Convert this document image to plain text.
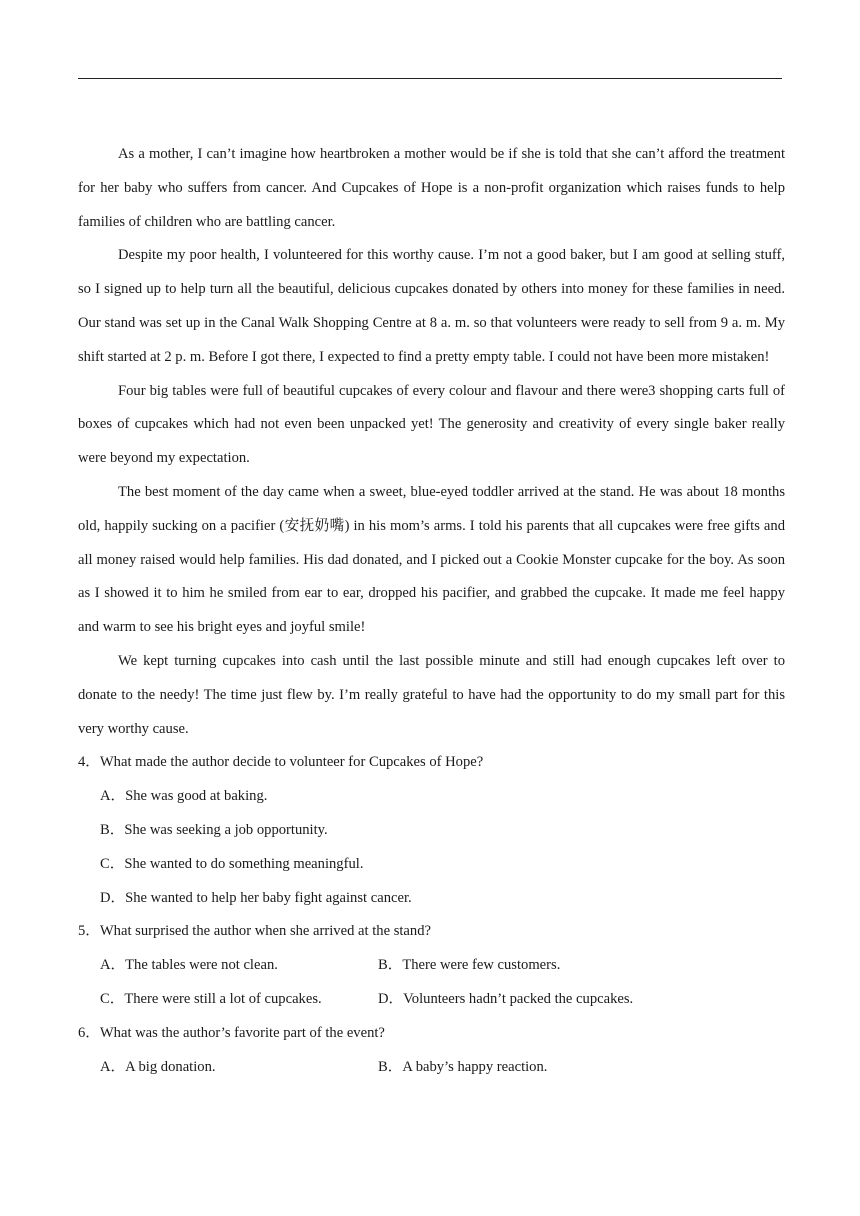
As a mother, I can’t imagine how heartbroken a mother would be if she is told that she can’t afford the treatment for her baby who suffers from cancer. And Cupcakes of Hope is a non-profit organization which raises funds to help families of children who are battling cancer.

Despite my poor health, I volunteered for this worthy cause. I’m not a good baker, but I am good at selling stuff, so I signed up to help turn all the beautiful, delicious cupcakes donated by others into money for these families in need. Our stand was set up in the Canal Walk Shopping Centre at 8 a. m. so that volunteers were ready to sell from 9 a. m. My shift started at 2 p. m. Before I got there, I expected to find a pretty empty table. I could not have been more mistaken!

Four big tables were full of beautiful cupcakes of every colour and flavour and there were3 shopping carts full of boxes of cupcakes which had not even been unpacked yet! The generosity and creativity of every single baker really were beyond my expectation.

The best moment of the day came when a sweet, blue-eyed toddler arrived at the stand. He was about 18 months old, happily sucking on a pacifier (安抚奶嘴) in his mom’s arms. I told his parents that all cupcakes were free gifts and all money raised would help families. His dad donated, and I picked out a Cookie Monster cupcake for the boy. As soon as I showed it to him he smiled from ear to ear, dropped his pacifier, and grabbed the cupcake. It made me feel happy and warm to see his bright eyes and joyful smile!

We kept turning cupcakes into cash until the last possible minute and still had enough cupcakes left over to donate to the needy! The time just flew by. I’m really grateful to have had the opportunity to do my small part for this very worthy cause.

4．What made the author decide to volunteer for Cupcakes of Hope?

A．She was good at baking.
B．She was seeking a job opportunity.
C．She wanted to do something meaningful.
D．She wanted to help her baby fight against cancer.

5．What surprised the author when she arrived at the stand?

A．The tables were not clean.	B．There were few customers.
C．There were still a lot of cupcakes.	D．Volunteers hadn’t packed the cupcakes.

6．What was the author’s favorite part of the event?

A．A big donation.	B．A baby’s happy reaction.
